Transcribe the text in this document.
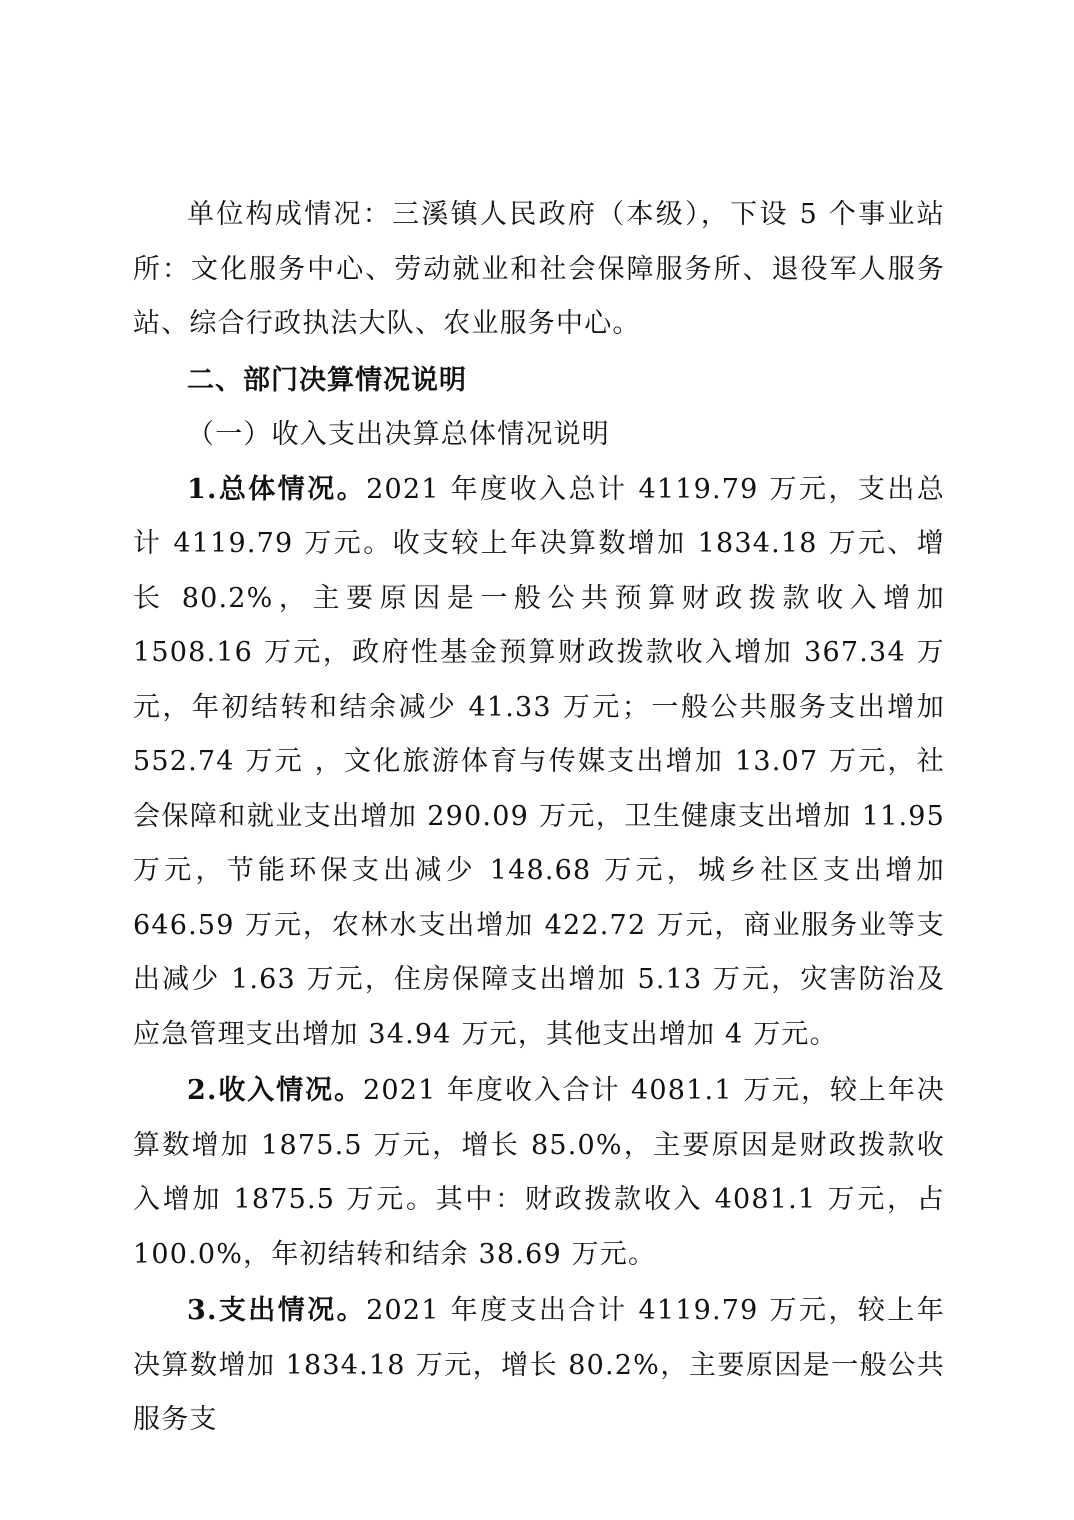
单位构成情况：三溪镇人民政府（本级），下设 5 个事业站所：文化服务中心、劳动就业和社会保障服务所、退役军人服务站、综合行政执法大队、农业服务中心。

二、部门决算情况说明

（一）收入支出决算总体情况说明

1.总体情况。2021 年度收入总计 4119.79 万元，支出总计 4119.79 万元。收支较上年决算数增加 1834.18 万元、增长 80.2%，主要原因是一般公共预算财政拨款收入增加 1508.16 万元，政府性基金预算财政拨款收入增加 367.34 万元，年初结转和结余减少 41.33 万元；一般公共服务支出增加 552.74 万元 ，文化旅游体育与传媒支出增加 13.07 万元，社会保障和就业支出增加 290.09 万元，卫生健康支出增加 11.95 万元，节能环保支出减少 148.68 万元，城乡社区支出增加 646.59 万元，农林水支出增加 422.72 万元，商业服务业等支出减少 1.63 万元，住房保障支出增加 5.13 万元，灾害防治及应急管理支出增加 34.94 万元，其他支出增加 4 万元。

2.收入情况。2021 年度收入合计 4081.1 万元，较上年决算数增加 1875.5 万元，增长 85.0%，主要原因是财政拨款收入增加 1875.5 万元。其中：财政拨款收入 4081.1 万元，占 100.0%，年初结转和结余 38.69 万元。

3.支出情况。2021 年度支出合计 4119.79 万元，较上年决算数增加 1834.18 万元，增长 80.2%，主要原因是一般公共服务支
